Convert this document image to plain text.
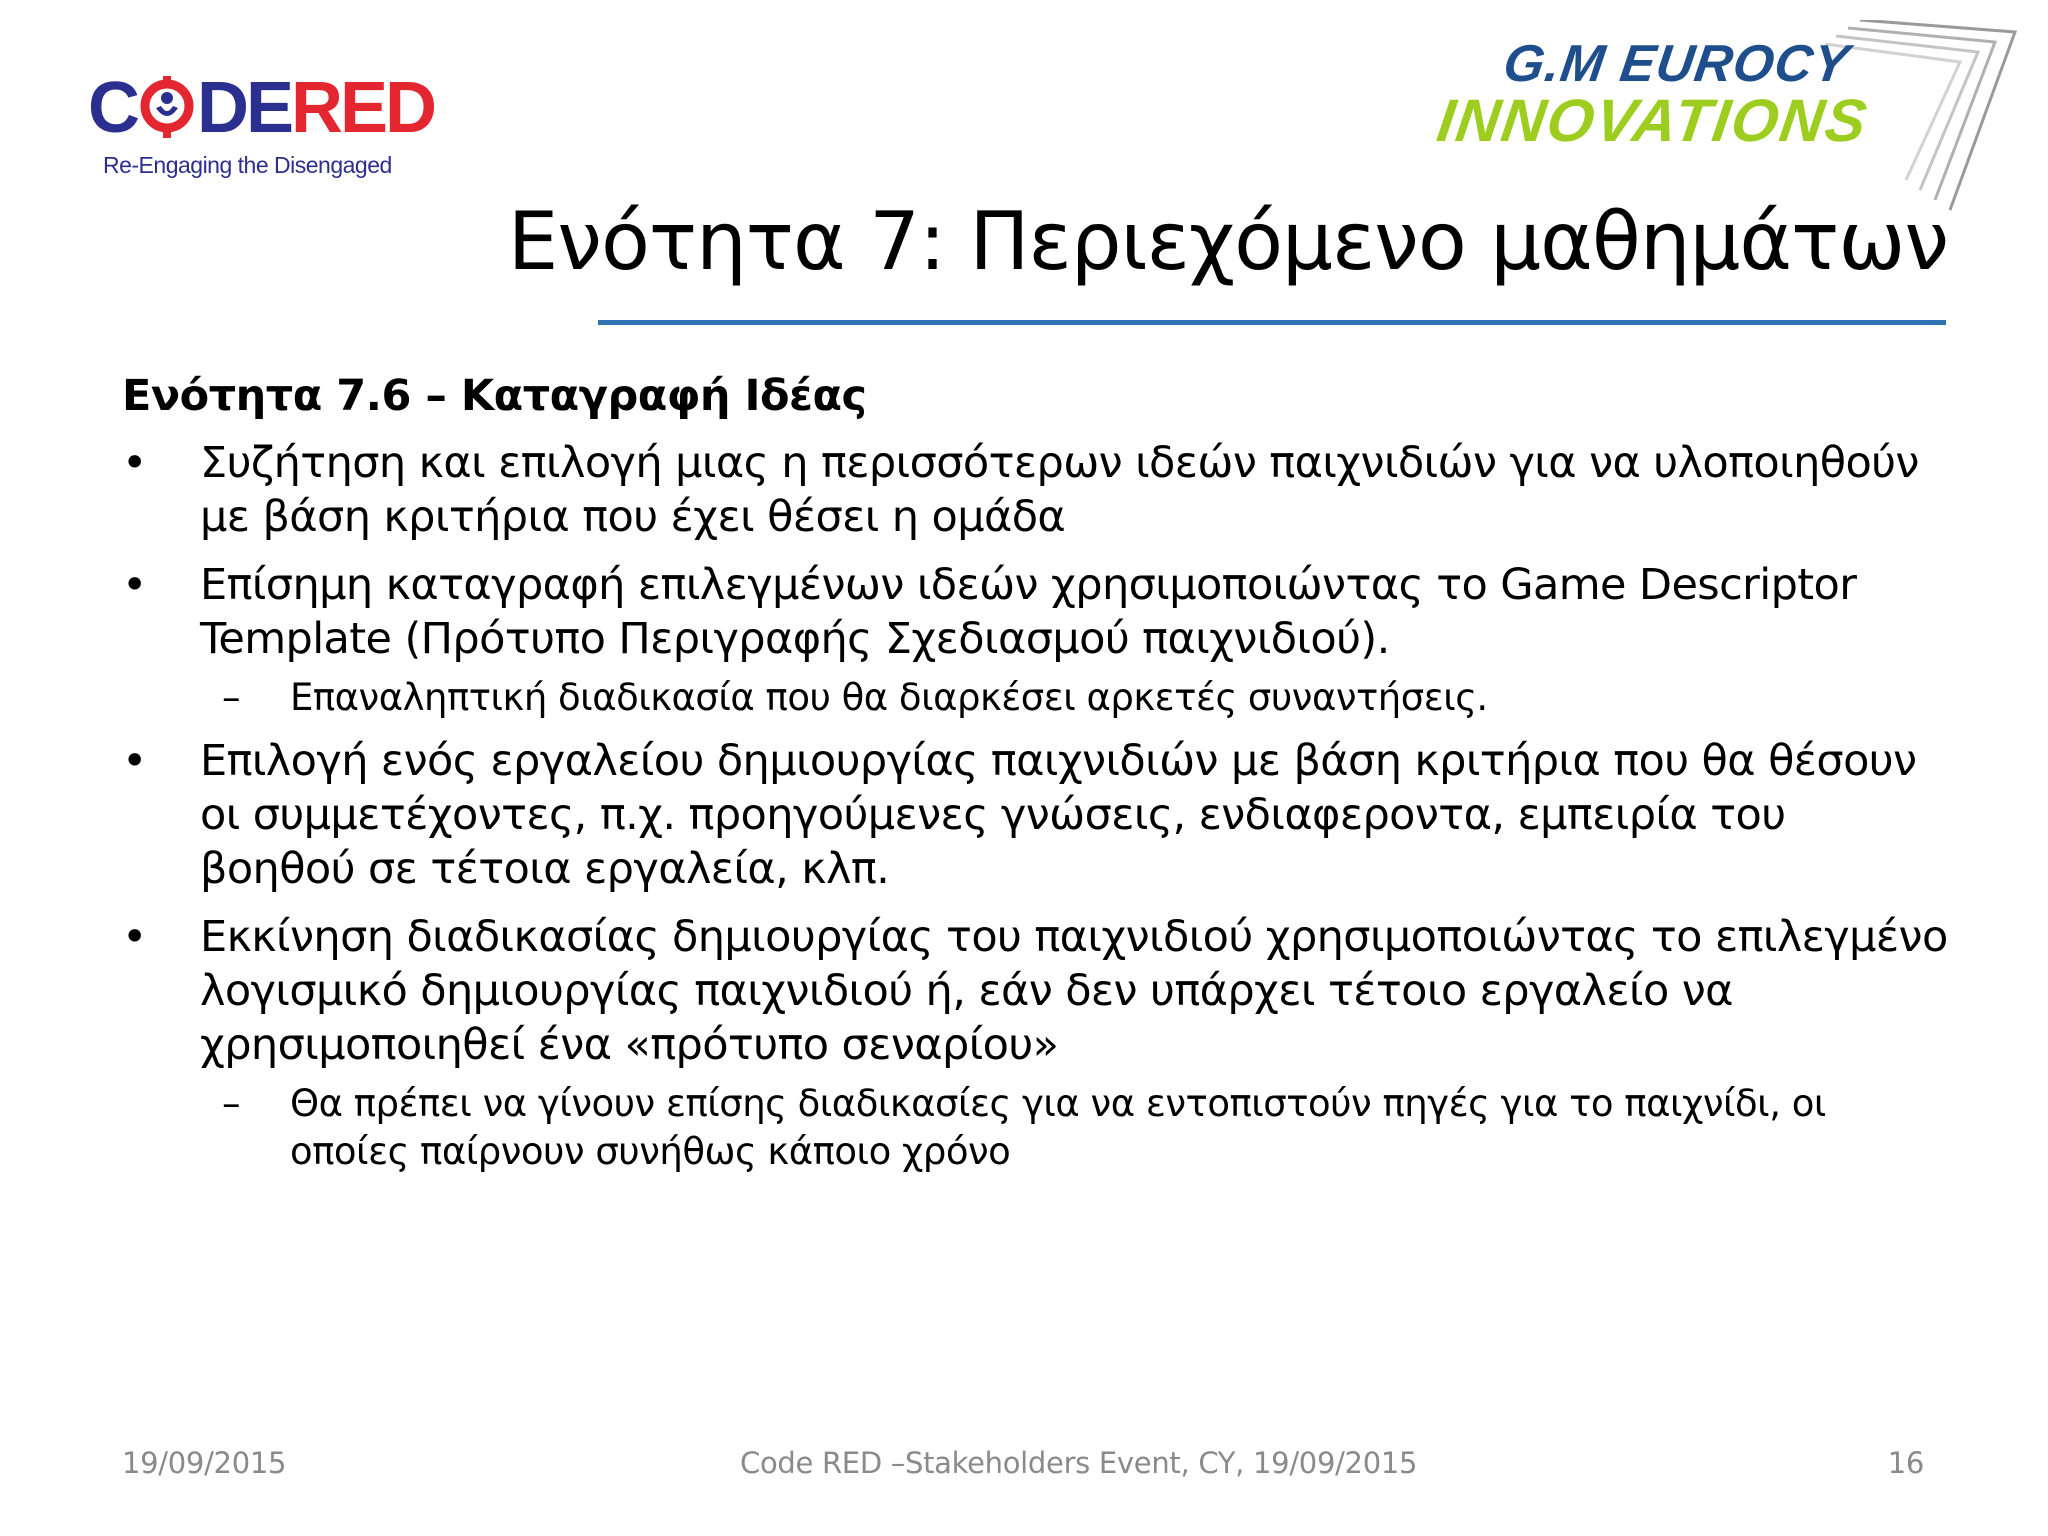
C DERED
Re-Engaging the Disengaged
G.M EUROCY
INNOVATIONS
Ενότητα 7: Περιεχόμενο μαθημάτων
Ενότητα 7.6 – Καταγραφή Ιδέας
• Συζήτηση και επιλογή μιας η περισσότερων ιδεών παιχνιδιών για να υλοποιηθούν με βάση κριτήρια που έχει θέσει η ομάδα
• Επίσημη καταγραφή επιλεγμένων ιδεών χρησιμοποιώντας το Game Descriptor Template (Πρότυπο Περιγραφής Σχεδιασμού παιχνιδιού).
– Επαναληπτική διαδικασία που θα διαρκέσει αρκετές συναντήσεις.
• Επιλογή ενός εργαλείου δημιουργίας παιχνιδιών με βάση κριτήρια που θα θέσουν οι συμμετέχοντες, π.χ. προηγούμενες γνώσεις, ενδιαφεροντα, εμπειρία του βοηθού σε τέτοια εργαλεία, κλπ.
• Εκκίνηση διαδικασίας δημιουργίας του παιχνιδιού χρησιμοποιώντας το επιλεγμένο λογισμικό δημιουργίας παιχνιδιού ή, εάν δεν υπάρχει τέτοιο εργαλείο να χρησιμοποιηθεί ένα «πρότυπο σεναρίου»
– Θα πρέπει να γίνουν επίσης διαδικασίες για να εντοπιστούν πηγές για το παιχνίδι, οι οποίες παίρνουν συνήθως κάποιο χρόνο
19/09/2015	Code RED –Stakeholders Event, CY, 19/09/2015	16
